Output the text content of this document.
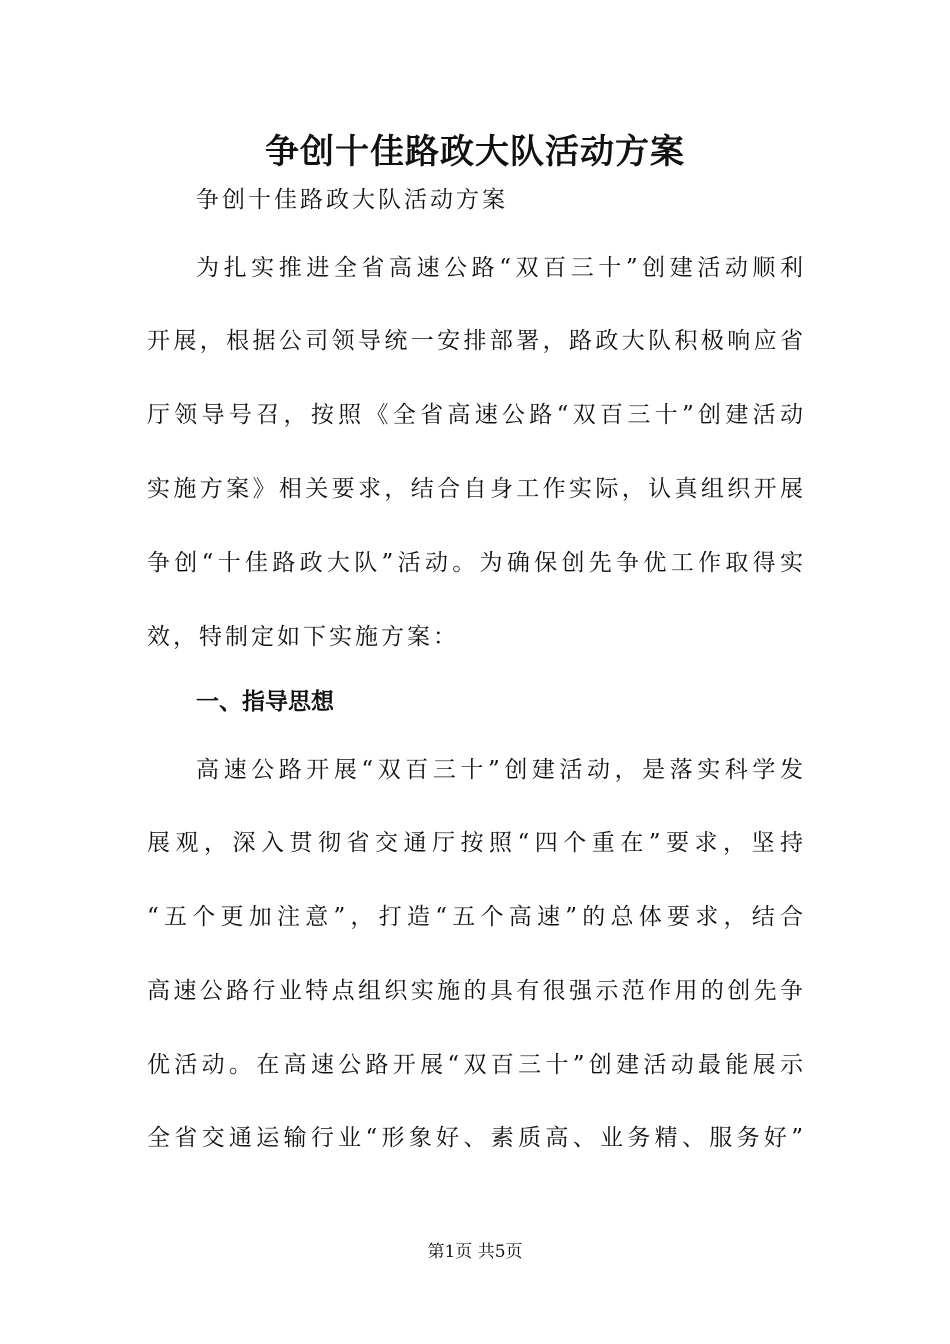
争创十佳路政大队活动方案

争创十佳路政大队活动方案

为扎实推进全省高速公路“双百三十”创建活动顺利

开展，根据公司领导统一安排部署，路政大队积极响应省

厅领导号召，按照《全省高速公路“双百三十”创建活动

实施方案》相关要求，结合自身工作实际，认真组织开展

争创“十佳路政大队”活动。为确保创先争优工作取得实

效，特制定如下实施方案：

一、指导思想

高速公路开展“双百三十”创建活动，是落实科学发

展观，深入贯彻省交通厅按照“四个重在”要求，坚持

“五个更加注意”，打造“五个高速”的总体要求，结合

高速公路行业特点组织实施的具有很强示范作用的创先争

优活动。在高速公路开展“双百三十”创建活动最能展示

全省交通运输行业“形象好、素质高、业务精、服务好”

第1页 共5页
